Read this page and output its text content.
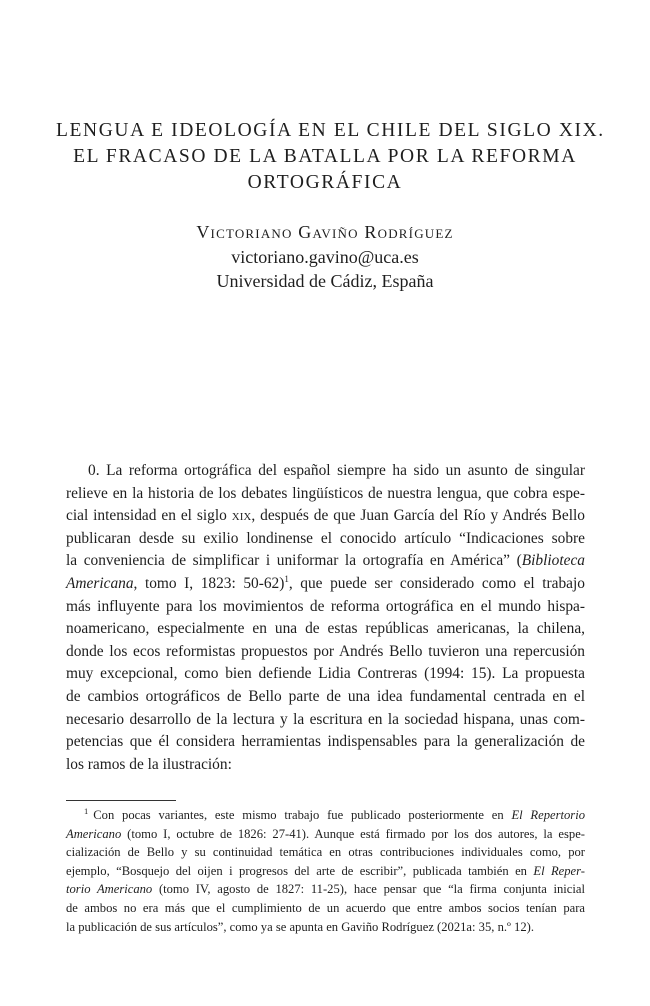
LENGUA E IDEOLOGÍA EN EL CHILE DEL SIGLO XIX.
EL FRACASO DE LA BATALLA POR LA REFORMA
ORTOGRÁFICA
Victoriano Gaviño Rodríguez
victoriano.gavino@uca.es
Universidad de Cádiz, España
0. La reforma ortográfica del español siempre ha sido un asunto de singular
relieve en la historia de los debates lingüísticos de nuestra lengua, que cobra espe-
cial intensidad en el siglo xix, después de que Juan García del Río y Andrés Bello
publicaran desde su exilio londinense el conocido artículo “Indicaciones sobre
la conveniencia de simplificar i uniformar la ortografía en América” (Biblioteca
Americana, tomo I, 1823: 50-62)$^1$, que puede ser considerado como el trabajo
más influyente para los movimientos de reforma ortográfica en el mundo hispa-
noamericano, especialmente en una de estas repúblicas americanas, la chilena,
donde los ecos reformistas propuestos por Andrés Bello tuvieron una repercusión
muy excepcional, como bien defiende Lidia Contreras (1994: 15). La propuesta
de cambios ortográficos de Bello parte de una idea fundamental centrada en el
necesario desarrollo de la lectura y la escritura en la sociedad hispana, unas com-
petencias que él considera herramientas indispensables para la generalización de
los ramos de la ilustración:
$^1$ Con pocas variantes, este mismo trabajo fue publicado posteriormente en El Repertorio
Americano (tomo I, octubre de 1826: 27-41). Aunque está firmado por los dos autores, la espe-
cialización de Bello y su continuidad temática en otras contribuciones individuales como, por
ejemplo, “Bosquejo del oijen i progresos del arte de escribir”, publicada también en El Reper-
torio Americano (tomo IV, agosto de 1827: 11-25), hace pensar que “la firma conjunta inicial
de ambos no era más que el cumplimiento de un acuerdo que entre ambos socios tenían para
la publicación de sus artículos”, como ya se apunta en Gaviño Rodríguez (2021a: 35, n.º 12).
